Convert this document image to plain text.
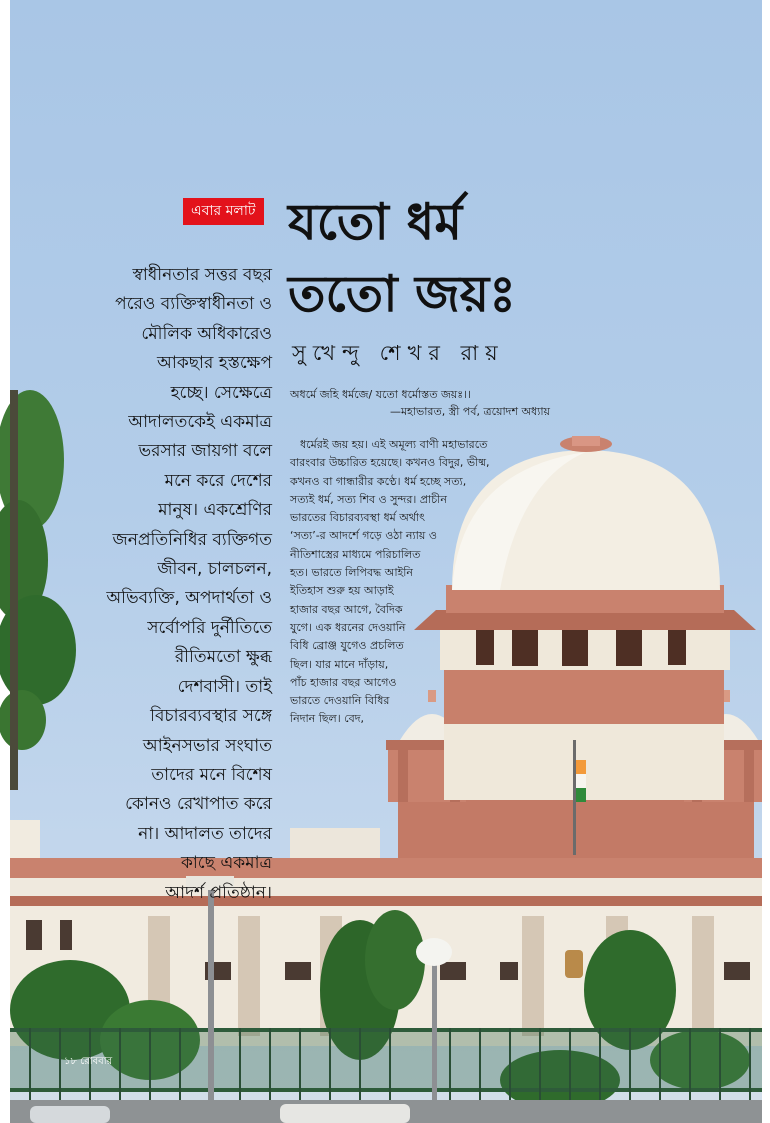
এবার মলাট যতো ধর্ম
ততো জয়ঃ
সুখেন্দু শেখর রায়
অধর্মে জহি ধর্মজে/ যতো ধর্মোস্তত জয়ঃ।।
—মহাভারত, স্ত্রী পর্ব, ত্রয়োদশ অধ্যায়
ধর্মেরই জয় হয়। এই অমূল্য বাণী মহাভারতে
বারংবার উচ্চারিত হয়েছে। কখনও বিদুর, ভীষ্ম,
কখনও বা গান্ধারীর কণ্ঠে। ধর্ম হচ্ছে সত্য,
সত্যই ধর্ম, সত্য শিব ও সুন্দর। প্রাচীন
ভারতের বিচারব্যবস্থা ধর্ম অর্থাৎ
‘সত্য’-র আদর্শে গড়ে ওঠা ন্যায় ও
নীতিশাস্ত্রের মাধ্যমে পরিচালিত
হত। ভারতে লিপিবদ্ধ আইনি
ইতিহাস শুরু হয় আড়াই
হাজার বছর আগে, বৈদিক
যুগে। এক ধরনের দেওয়ানি
বিধি ব্রোঞ্জ যুগেও প্রচলিত
ছিল। যার মানে দাঁড়ায়,
পাঁচ হাজার বছর আগেও
ভারতে দেওয়ানি বিধির
নিদান ছিল। বেদ,
স্বাধীনতার সত্তর বছর
পরেও ব্যক্তিস্বাধীনতা ও
মৌলিক অধিকারেও
আকছার হস্তক্ষেপ
হচ্ছে। সেক্ষেত্রে
আদালতকেই একমাত্র
ভরসার জায়গা বলে
মনে করে দেশের
মানুষ। একশ্রেণির
জনপ্রতিনিধির ব্যক্তিগত
জীবন, চালচলন,
অভিব্যক্তি, অপদার্থতা ও
সর্বোপরি দুর্নীতিতে
রীতিমতো ক্ষুব্ধ
দেশবাসী। তাই
বিচারব্যবস্থার সঙ্গে
আইনসভার সংঘাত
তাদের মনে বিশেষ
কোনও রেখাপাত করে
না। আদালত তাদের
কাছে একমাত্র
আদর্শ প্রতিষ্ঠান।
১৮ রোববার
